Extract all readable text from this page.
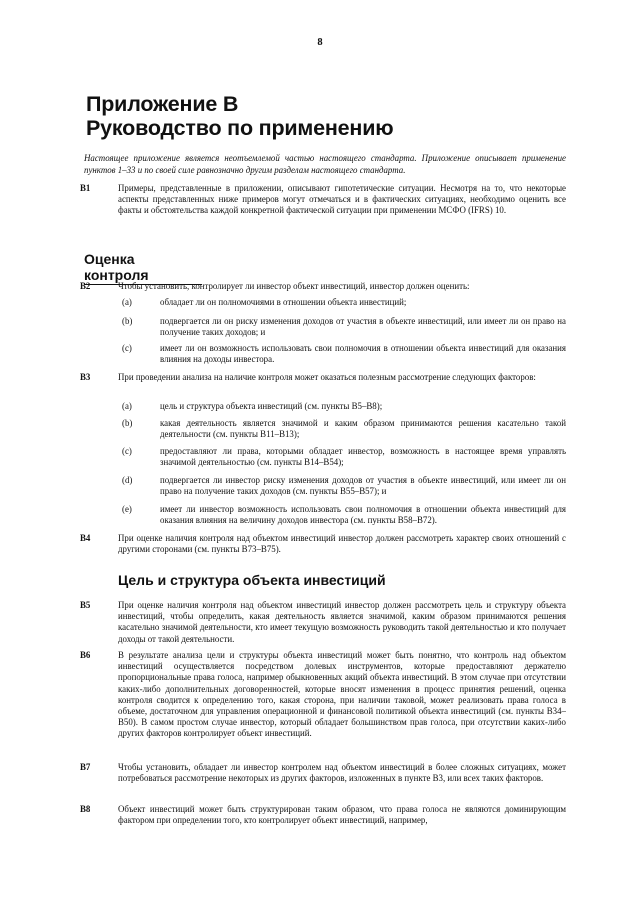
8
Приложение В
Руководство по применению
Настоящее приложение является неотъемлемой частью настоящего стандарта. Приложение описывает применение пунктов 1–33 и по своей силе равнозначно другим разделам настоящего стандарта.
B1	Примеры, представленные в приложении, описывают гипотетические ситуации. Несмотря на то, что некоторые аспекты представленных ниже примеров могут отмечаться и в фактических ситуациях, необходимо оценить все факты и обстоятельства каждой конкретной фактической ситуации при применении МСФО (IFRS) 10.
Оценка контроля
B2	Чтобы установить, контролирует ли инвестор объект инвестиций, инвестор должен оценить:
(a)	обладает ли он полномочиями в отношении объекта инвестиций;
(b)	подвергается ли он риску изменения доходов от участия в объекте инвестиций, или имеет ли он право на получение таких доходов; и
(c)	имеет ли он возможность использовать свои полномочия в отношении объекта инвестиций для оказания влияния на доходы инвестора.
B3	При проведении анализа на наличие контроля может оказаться полезным рассмотрение следующих факторов:
(a)	цель и структура объекта инвестиций (см. пункты B5–B8);
(b)	какая деятельность является значимой и каким образом принимаются решения касательно такой деятельности (см. пункты B11–B13);
(c)	предоставляют ли права, которыми обладает инвестор, возможность в настоящее время управлять значимой деятельностью (см. пункты B14–B54);
(d)	подвергается ли инвестор риску изменения доходов от участия в объекте инвестиций, или имеет ли он право на получение таких доходов (см. пункты B55–B57); и
(e)	имеет ли инвестор возможность использовать свои полномочия в отношении объекта инвестиций для оказания влияния на величину доходов инвестора (см. пункты B58–B72).
B4	При оценке наличия контроля над объектом инвестиций инвестор должен рассмотреть характер своих отношений с другими сторонами (см. пункты B73–B75).
Цель и структура объекта инвестиций
B5	При оценке наличия контроля над объектом инвестиций инвестор должен рассмотреть цель и структуру объекта инвестиций, чтобы определить, какая деятельность является значимой, каким образом принимаются решения касательно значимой деятельности, кто имеет текущую возможность руководить такой деятельностью и кто получает доходы от такой деятельности.
B6	В результате анализа цели и структуры объекта инвестиций может быть понятно, что контроль над объектом инвестиций осуществляется посредством долевых инструментов, которые предоставляют держателю пропорциональные права голоса, например обыкновенных акций объекта инвестиций. В этом случае при отсутствии каких-либо дополнительных договоренностей, которые вносят изменения в процесс принятия решений, оценка контроля сводится к определению того, какая сторона, при наличии таковой, может реализовать права голоса в объеме, достаточном для управления операционной и финансовой политикой объекта инвестиций (см. пункты B34–B50). В самом простом случае инвестор, который обладает большинством прав голоса, при отсутствии каких-либо других факторов контролирует объект инвестиций.
B7	Чтобы установить, обладает ли инвестор контролем над объектом инвестиций в более сложных ситуациях, может потребоваться рассмотрение некоторых из других факторов, изложенных в пункте B3, или всех таких факторов.
B8	Объект инвестиций может быть структурирован таким образом, что права голоса не являются доминирующим фактором при определении того, кто контролирует объект инвестиций, например,
